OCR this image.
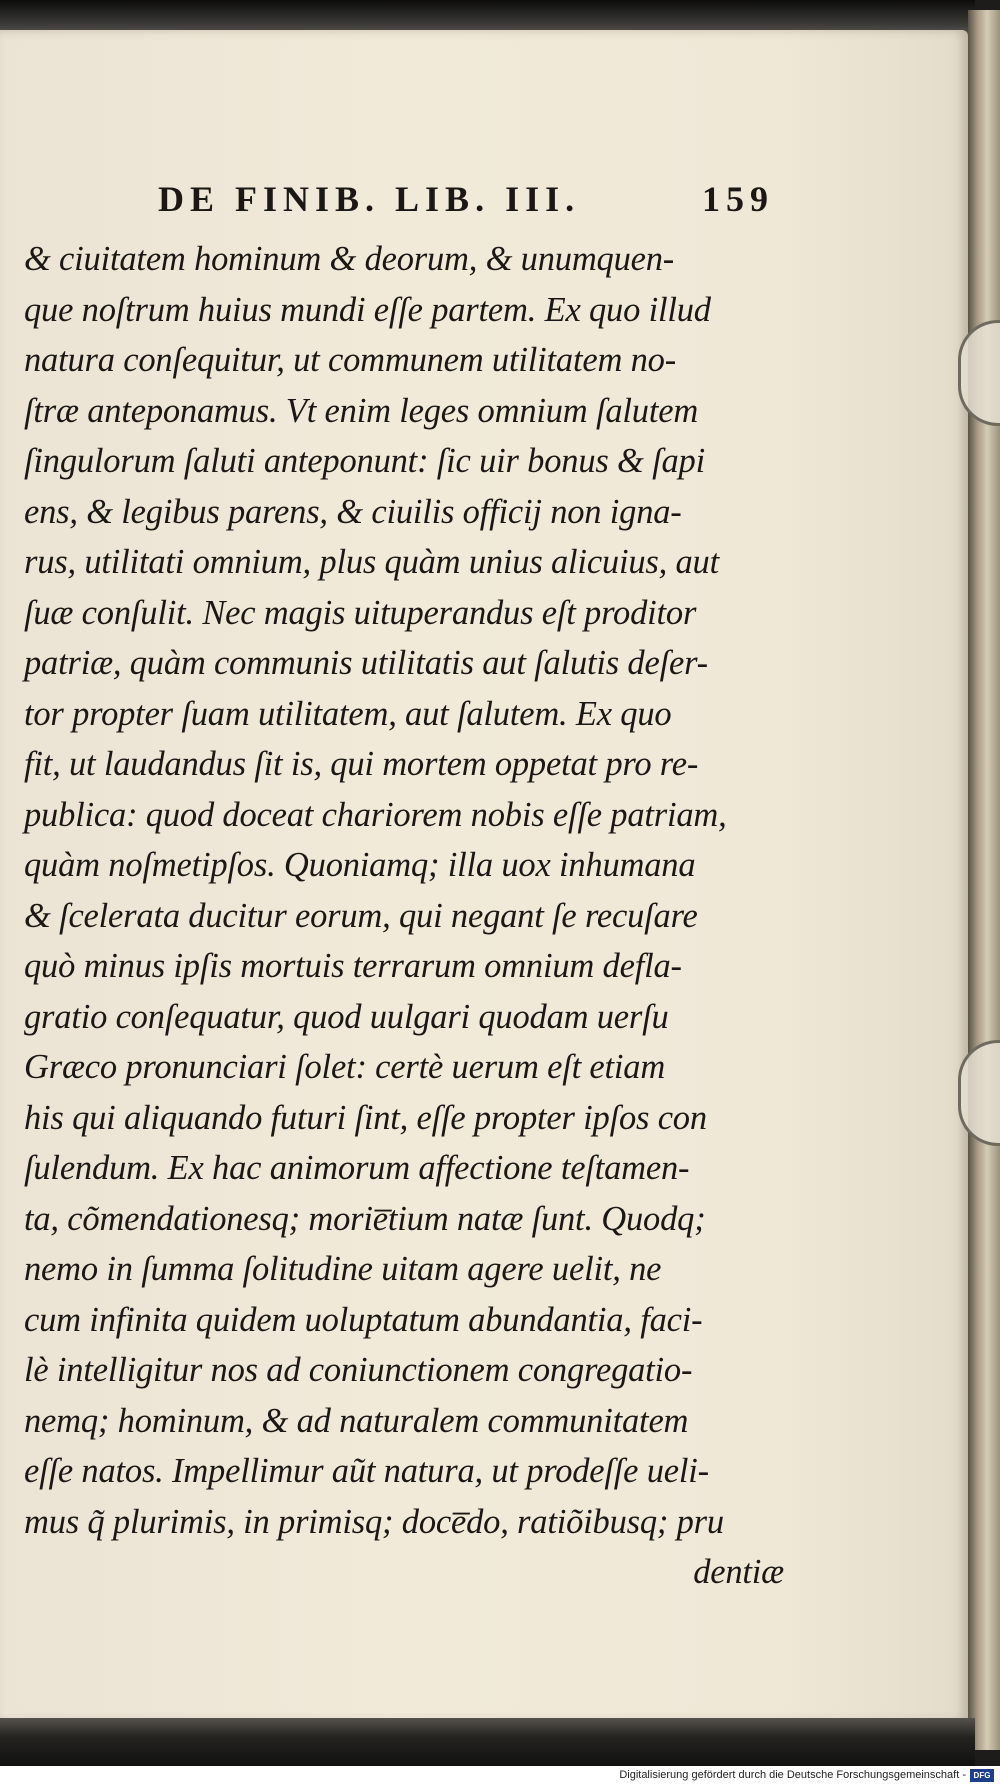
DE FINIB. LIB. III.	159
& ciuitatem hominum & deorum, & unumquen-
que noſtrum huius mundi eſſe partem. Ex quo illud
natura conſequitur, ut communem utilitatem no-
ſtræ anteponamus. Vt enim leges omnium ſalutem
ſingulorum ſaluti anteponunt: ſic uir bonus & ſapi
ens, & legibus parens, & ciuilis officij non igna-
rus, utilitati omnium, plus quàm unius alicuius, aut
ſuæ conſulit. Nec magis uituperandus eſt proditor
patriæ, quàm communis utilitatis aut ſalutis deſer-
tor propter ſuam utilitatem, aut ſalutem. Ex quo
fit, ut laudandus ſit is, qui mortem oppetat pro re-
publica: quod doceat chariorem nobis eſſe patriam,
quàm noſmetipſos. Quoniamq; illa uox inhumana
& ſcelerata ducitur eorum, qui negant ſe recuſare
quò minus ipſis mortuis terrarum omnium defla-
gratio conſequatur, quod uulgari quodam uerſu
Græco pronunciari ſolet: certè uerum eſt etiam
his qui aliquando futuri ſint, eſſe propter ipſos con
ſulendum. Ex hac animorum affectione teſtamen-
ta, cõmendationesq; morie̅tium natæ ſunt. Quodq;
nemo in ſumma ſolitudine uitam agere uelit, ne
cum infinita quidem uoluptatum abundantia, faci-
lè intelligitur nos ad coniunctionem congregatio-
nemq; hominum, & ad naturalem communitatem
eſſe natos. Impellimur aũt natura, ut prodeſſe ueli-
mus q̃ plurimis, in primisq; doce̅do, ratiõibusq; pru
dentiæ
Digitalisierung gefördert durch die Deutsche Forschungsgemeinschaft - DFG
